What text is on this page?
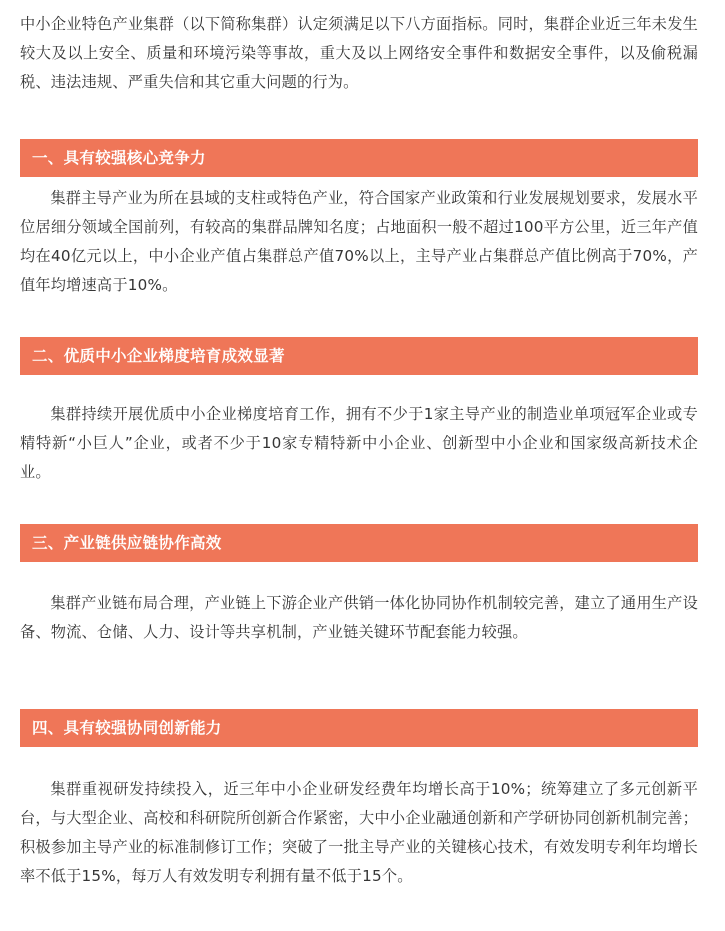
中小企业特色产业集群（以下简称集群）认定须满足以下八方面指标。同时，集群企业近三年未发生较大及以上安全、质量和环境污染等事故，重大及以上网络安全事件和数据安全事件，以及偷税漏税、违法违规、严重失信和其它重大问题的行为。

一、具有较强核心竞争力

集群主导产业为所在县域的支柱或特色产业，符合国家产业政策和行业发展规划要求，发展水平位居细分领域全国前列，有较高的集群品牌知名度；占地面积一般不超过100平方公里，近三年产值均在40亿元以上，中小企业产值占集群总产值70%以上，主导产业占集群总产值比例高于70%，产值年均增速高于10%。

二、优质中小企业梯度培育成效显著

集群持续开展优质中小企业梯度培育工作，拥有不少于1家主导产业的制造业单项冠军企业或专精特新“小巨人”企业，或者不少于10家专精特新中小企业、创新型中小企业和国家级高新技术企业。

三、产业链供应链协作高效

集群产业链布局合理，产业链上下游企业产供销一体化协同协作机制较完善，建立了通用生产设备、物流、仓储、人力、设计等共享机制，产业链关键环节配套能力较强。

四、具有较强协同创新能力

集群重视研发持续投入，近三年中小企业研发经费年均增长高于10%；统筹建立了多元创新平台，与大型企业、高校和科研院所创新合作紧密，大中小企业融通创新和产学研协同创新机制完善；积极参加主导产业的标准制修订工作；突破了一批主导产业的关键核心技术，有效发明专利年均增长率不低于15%，每万人有效发明专利拥有量不低于15个。
